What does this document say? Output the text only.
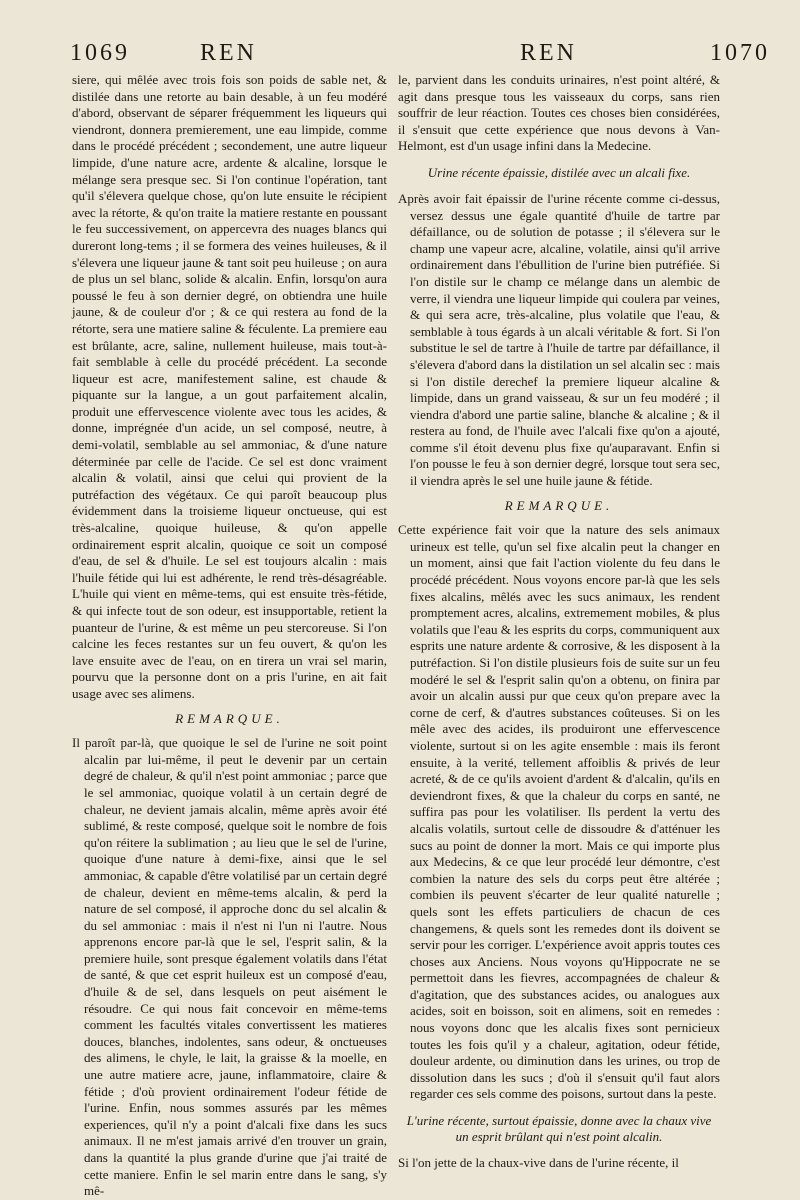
1069	REN	REN	1070

siere, qui mêlée avec trois fois son poids de sable net, & distilée dans une retorte au bain desable, à un feu modéré d'abord, observant de séparer fréquemment les liqueurs qui viendront, donnera premierement, une eau limpide, comme dans le procédé précédent ; secondement, une autre liqueur limpide, d'une nature acre, ardente & alcaline, lorsque le mélange sera presque sec. Si l'on continue l'opération, tant qu'il s'élevera quelque chose, qu'on lute ensuite le récipient avec la rétorte, & qu'on traite la matiere restante en poussant le feu successivement, on appercevra des nuages blancs qui dureront long-tems ; il se formera des veines huileuses, & il s'élevera une liqueur jaune & tant soit peu huileuse ; on aura de plus un sel blanc, solide & alcalin. Enfin, lorsqu'on aura poussé le feu à son dernier degré, on obtiendra une huile jaune, & de couleur d'or ; & ce qui restera au fond de la rétorte, sera une matiere saline & féculente. La premiere eau est brûlante, acre, saline, nullement huileuse, mais tout-à-fait semblable à celle du procédé précédent. La seconde liqueur est acre, manifestement saline, est chaude & piquante sur la langue, a un gout parfaitement alcalin, produit une effervescence violente avec tous les acides, & donne, imprégnée d'un acide, un sel composé, neutre, à demi-volatil, semblable au sel ammoniac, & d'une nature déterminée par celle de l'acide. Ce sel est donc vraiment alcalin & volatil, ainsi que celui qui provient de la putréfaction des végétaux. Ce qui paroît beaucoup plus évidemment dans la troisieme liqueur onctueuse, qui est très-alcaline, quoique huileuse, & qu'on appelle ordinairement esprit alcalin, quoique ce soit un composé d'eau, de sel & d'huile. Le sel est toujours alcalin : mais l'huile fétide qui lui est adhérente, le rend très-désagréable. L'huile qui vient en même-tems, qui est ensuite très-fétide, & qui infecte tout de son odeur, est insupportable, retient la puanteur de l'urine, & est même un peu stercoreuse. Si l'on calcine les feces restantes sur un feu ouvert, & qu'on les lave ensuite avec de l'eau, on en tirera un vrai sel marin, pourvu que la personne dont on a pris l'urine, en ait fait usage avec ses alimens.

REMARQUE.

Il paroît par-là, que quoique le sel de l'urine ne soit point alcalin par lui-même, il peut le devenir par un certain degré de chaleur, & qu'il n'est point ammoniac ; parce que le sel ammoniac, quoique volatil à un certain degré de chaleur, ne devient jamais alcalin, même après avoir été sublimé, & reste composé, quelque soit le nombre de fois qu'on réitere la sublimation ; au lieu que le sel de l'urine, quoique d'une nature à demi-fixe, ainsi que le sel ammoniac, & capable d'être volatilisé par un certain degré de chaleur, devient en même-tems alcalin, & perd la nature de sel composé, il approche donc du sel alcalin & du sel ammoniac : mais il n'est ni l'un ni l'autre. Nous apprenons encore par-là que le sel, l'esprit salin, & la premiere huile, sont presque également volatils dans l'état de santé, & que cet esprit huileux est un composé d'eau, d'huile & de sel, dans lesquels on peut aisément le résoudre. Ce qui nous fait concevoir en même-tems comment les facultés vitales convertissent les matieres douces, blanches, indolentes, sans odeur, & onctueuses des alimens, le chyle, le lait, la graisse & la moelle, en une autre matiere acre, jaune, inflammatoire, claire & fétide ; d'où provient ordinairement l'odeur fétide de l'urine. Enfin, nous sommes assurés par les mêmes experiences, qu'il n'y a point d'alcali fixe dans les sucs animaux. Il ne m'est jamais arrivé d'en trouver un grain, dans la quantité la plus grande d'urine que j'ai traité de cette maniere. Enfin le sel marin entre dans le sang, s'y mê-

le, parvient dans les conduits urinaires, n'est point altéré, & agit dans presque tous les vaisseaux du corps, sans rien souffrir de leur réaction. Toutes ces choses bien considérées, il s'ensuit que cette expérience que nous devons à Van-Helmont, est d'un usage infini dans la Medecine.

Urine récente épaissie, distilée avec un alcali fixe.

Après avoir fait épaissir de l'urine récente comme ci-dessus, versez dessus une égale quantité d'huile de tartre par défaillance, ou de solution de potasse ; il s'élevera sur le champ une vapeur acre, alcaline, volatile, ainsi qu'il arrive ordinairement dans l'ébullition de l'urine bien putréfiée. Si l'on distile sur le champ ce mélange dans un alembic de verre, il viendra une liqueur limpide qui coulera par veines, & qui sera acre, très-alcaline, plus volatile que l'eau, & semblable à tous égards à un alcali véritable & fort. Si l'on substitue le sel de tartre à l'huile de tartre par défaillance, il s'élevera d'abord dans la distilation un sel alcalin sec : mais si l'on distile derechef la premiere liqueur alcaline & limpide, dans un grand vaisseau, & sur un feu modéré ; il viendra d'abord une partie saline, blanche & alcaline ; & il restera au fond, de l'huile avec l'alcali fixe qu'on a ajouté, comme s'il étoit devenu plus fixe qu'auparavant. Enfin si l'on pousse le feu à son dernier degré, lorsque tout sera sec, il viendra après le sel une huile jaune & fétide.

REMARQUE.

Cette expérience fait voir que la nature des sels animaux urineux est telle, qu'un sel fixe alcalin peut la changer en un moment, ainsi que fait l'action violente du feu dans le procédé précédent. Nous voyons encore par-là que les sels fixes alcalins, mêlés avec les sucs animaux, les rendent promptement acres, alcalins, extremement mobiles, & plus volatils que l'eau & les esprits du corps, communiquent aux esprits une nature ardente & corrosive, & les disposent à la putréfaction. Si l'on distile plusieurs fois de suite sur un feu modéré le sel & l'esprit salin qu'on a obtenu, on finira par avoir un alcalin aussi pur que ceux qu'on prepare avec la corne de cerf, & d'autres substances coûteuses. Si on les mêle avec des acides, ils produiront une effervescence violente, surtout si on les agite ensemble : mais ils feront ensuite, à la verité, tellement affoiblis & privés de leur acreté, & de ce qu'ils avoient d'ardent & d'alcalin, qu'ils en deviendront fixes, & que la chaleur du corps en santé, ne suffira pas pour les volatiliser. Ils perdent la vertu des alcalis volatils, surtout celle de dissoudre & d'atténuer les sucs au point de donner la mort. Mais ce qui importe plus aux Medecins, & ce que leur procédé leur démontre, c'est combien la nature des sels du corps peut être altérée ; combien ils peuvent s'écarter de leur qualité naturelle ; quels sont les effets particuliers de chacun de ces changemens, & quels sont les remedes dont ils doivent se servir pour les corriger. L'expérience avoit appris toutes ces choses aux Anciens. Nous voyons qu'Hippocrate ne se permettoit dans les fievres, accompagnées de chaleur & d'agitation, que des substances acides, ou analogues aux acides, soit en boisson, soit en alimens, soit en remedes : nous voyons donc que les alcalis fixes sont pernicieux toutes les fois qu'il y a chaleur, agitation, odeur fétide, douleur ardente, ou diminution dans les urines, ou trop de dissolution dans les sucs ; d'où il s'ensuit qu'il faut alors regarder ces sels comme des poisons, surtout dans la peste.

L'urine récente, surtout épaissie, donne avec la chaux vive un esprit brûlant qui n'est point alcalin.

Si l'on jette de la chaux-vive dans de l'urine récente, il
